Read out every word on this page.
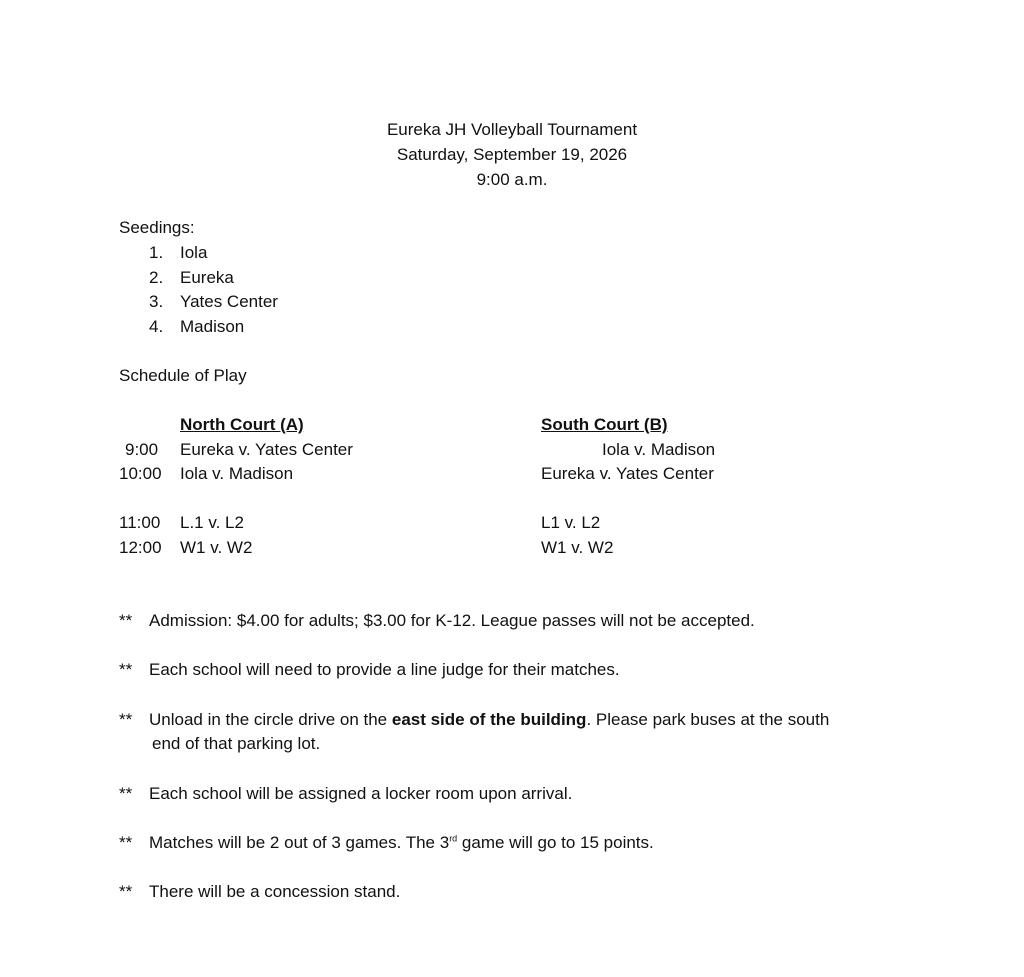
Eureka JH Volleyball Tournament
Saturday, September 19, 2026
9:00 a.m.
Seedings:
1. Iola
2. Eureka
3. Yates Center
4. Madison
Schedule of Play
North Court (A)	South Court (B)
9:00 Eureka v. Yates Center	Iola v. Madison
10:00 Iola v. Madison	Eureka v. Yates Center
11:00 L.1 v. L2	L1 v. L2
12:00 W1 v. W2	W1 v. W2
** Admission: $4.00 for adults; $3.00 for K-12. League passes will not be accepted.
** Each school will need to provide a line judge for their matches.
** Unload in the circle drive on the east side of the building. Please park buses at the south
end of that parking lot.
** Each school will be assigned a locker room upon arrival.
** Matches will be 2 out of 3 games. The 3rd game will go to 15 points.
** There will be a concession stand.
